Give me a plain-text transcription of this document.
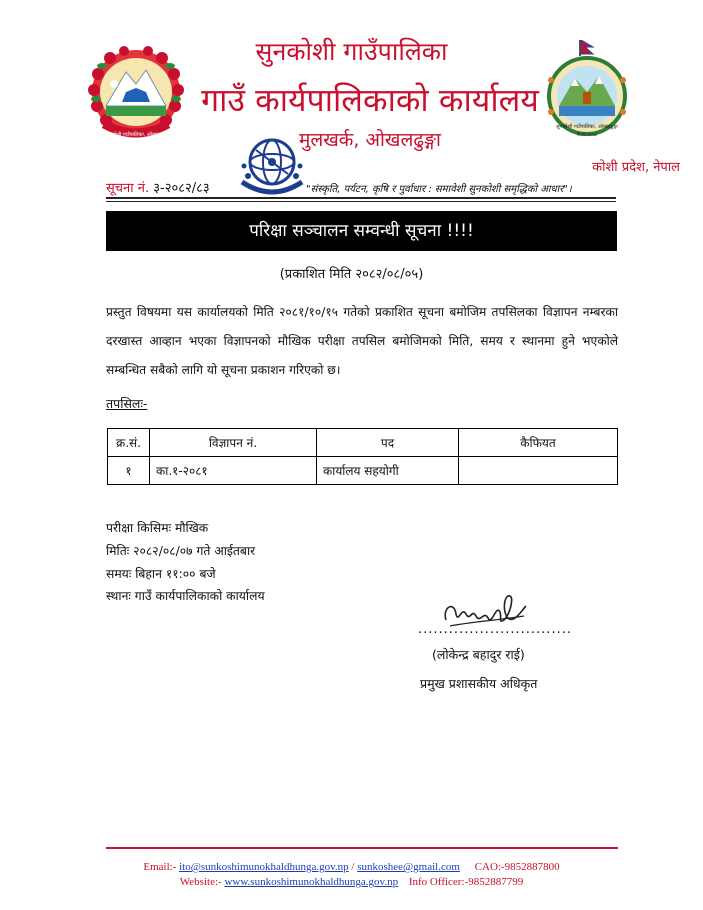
सुनकोशी गाउँपालिका, ओखलढुङ्गा
सुनकोशी गाउँपालिका, ओखलढुङ्गा
वि.सं. २०७३
सुनकोशी गाउँपालिका
गाउँ कार्यपालिकाको कार्यालय
मुलखर्क, ओखलढुङ्गा
कोशी प्रदेश, नेपाल
सूचना नं. ३-२०८२/८३	"संस्कृति, पर्यटन, कृषि र पुर्वाधार : समावेशी सुनकोशी समृद्धिको आधार"।
परिक्षा सञ्चालन सम्वन्धी सूचना !!!!
(प्रकाशित मिति २०८२/०८/०५)
प्रस्तुत विषयमा यस कार्यालयको मिति २०८१/१०/१५ गतेको प्रकाशित सूचना बमोजिम तपसिलका विज्ञापन नम्बरका दरखास्त आव्हान भएका विज्ञापनको मौखिक परीक्षा तपसिल बमोजिमको मिति, समय र स्थानमा हुने भएकोले सम्बन्धित सबैको लागि यो सूचना प्रकाशन गरिएको छ।
तपसिलः-
क्र.सं.	विज्ञापन नं.	पद	कैफियत
१	का.१-२०८१	कार्यालय सहयोगी	
परीक्षा किसिमः मौखिक
मितिः २०८२/०८/०७ गते आईतबार
समयः बिहान ११:०० बजे
स्थानः गाउँ कार्यपालिकाको कार्यालय
..............................
(लोकेन्द्र बहादुर राई)
प्रमुख प्रशासकीय अधिकृत
Email:- ito@sunkoshimunokhaldhunga.gov.np / sunkoshee@gmail.com CAO:-9852887800
Website:- www.sunkoshimunokhaldhunga.gov.np Info Officer:-9852887799
